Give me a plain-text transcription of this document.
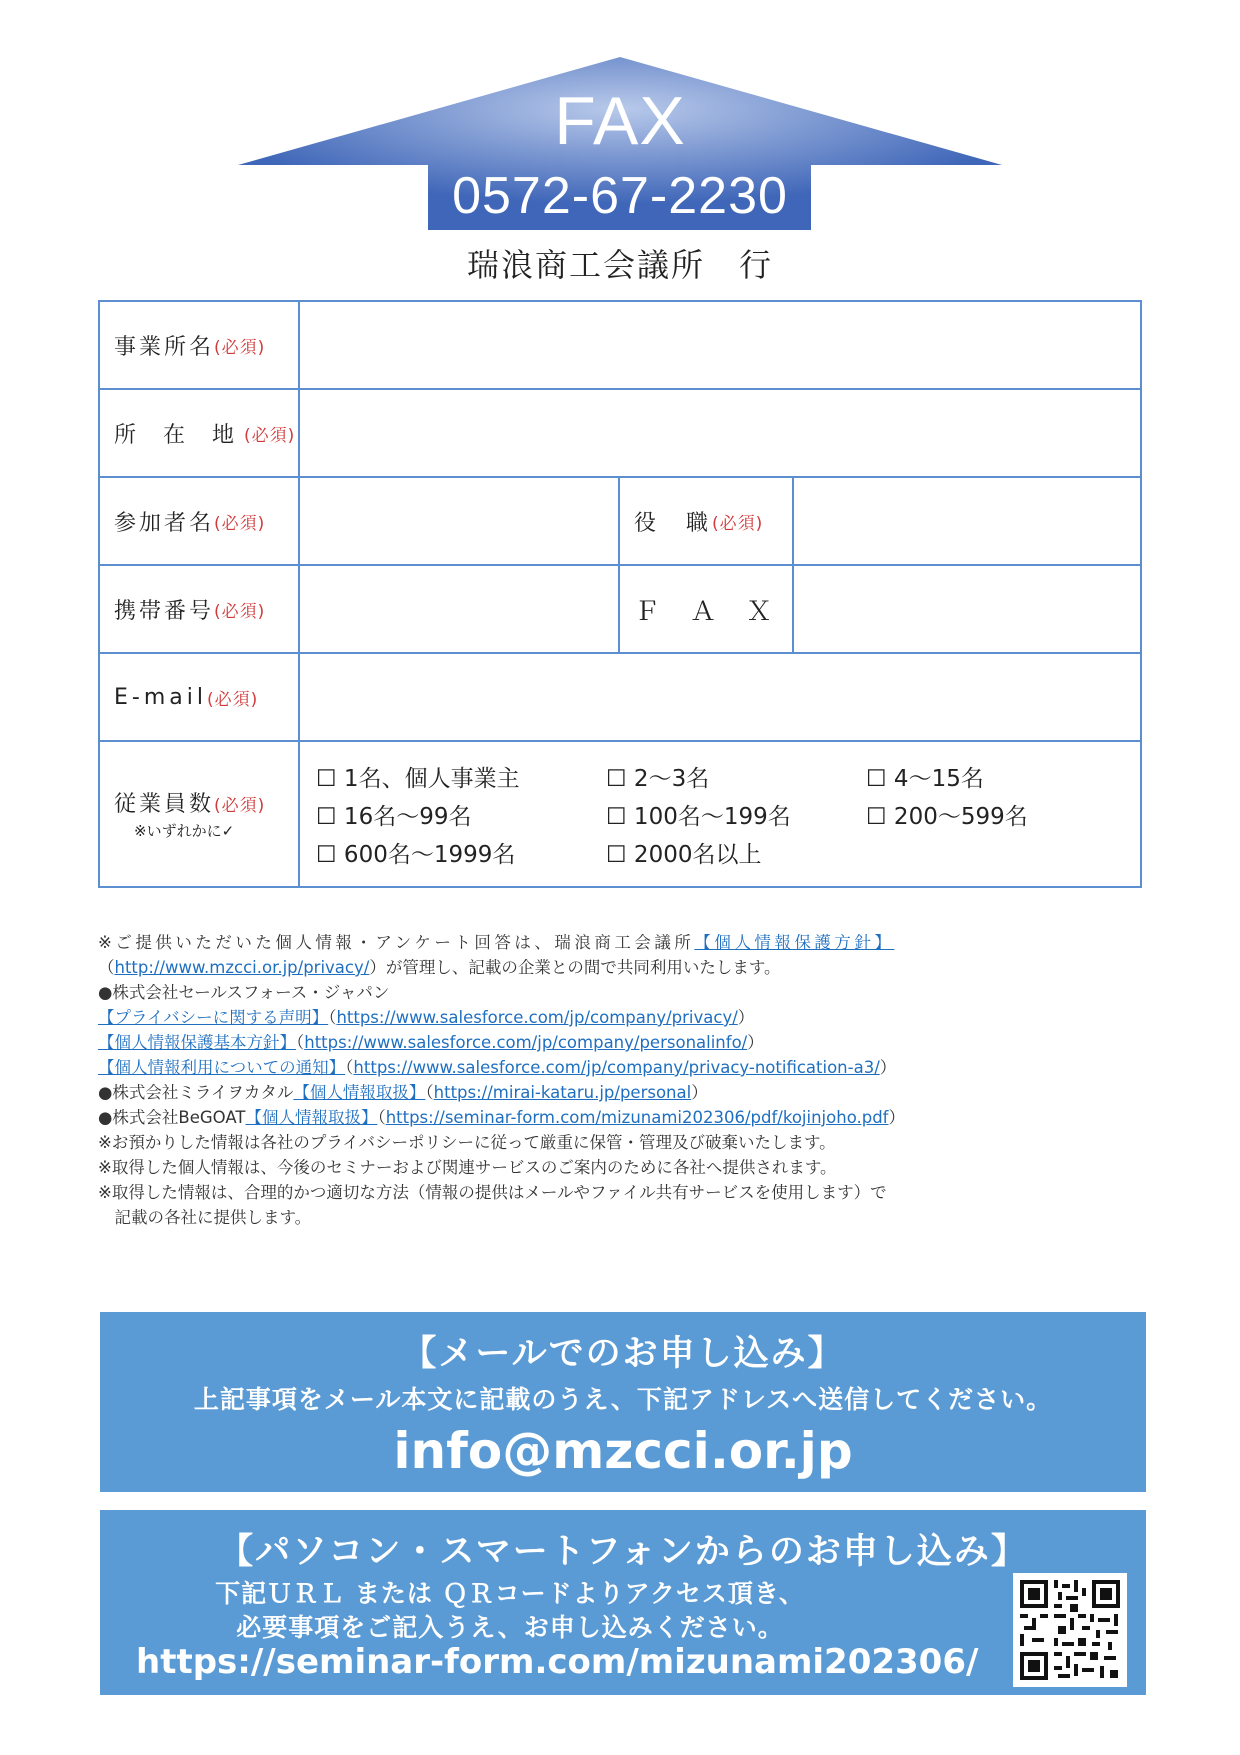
FAX
0572-67-2230
瑞浪商工会議所　行
事業所名 (必須)
所 在 地 (必須)
参加者名 (必須)	役　職 (必須)
携帯番号 (必須)	Ｆ　Ａ　Ｘ
E-mail (必須)
従業員数(必須)
※いずれかに✓
☐ 1名、個人事業主	☐ 2～3名	☐ 4～15名
☐ 16名～99名	☐ 100名～199名	☐ 200～599名
☐ 600名～1999名	☐ 2000名以上
※ご提供いただいた個人情報・アンケート回答は、瑞浪商工会議所【個人情報保護方針】
（http://www.mzcci.or.jp/privacy/）が管理し、記載の企業との間で共同利用いたします。
●株式会社セールスフォース・ジャパン
【プライバシーに関する声明】（https://www.salesforce.com/jp/company/privacy/）
【個人情報保護基本方針】（https://www.salesforce.com/jp/company/personalinfo/）
【個人情報利用についての通知】（https://www.salesforce.com/jp/company/privacy-notification-a3/）
●株式会社ミライヲカタル【個人情報取扱】（https://mirai-kataru.jp/personal）
●株式会社BeGOAT【個人情報取扱】（https://seminar-form.com/mizunami202306/pdf/kojinjoho.pdf）
※お預かりした情報は各社のプライバシーポリシーに従って厳重に保管・管理及び破棄いたします。
※取得した個人情報は、今後のセミナーおよび関連サービスのご案内のために各社へ提供されます。
※取得した情報は、合理的かつ適切な方法（情報の提供はメールやファイル共有サービスを使用します）で
　記載の各社に提供します。
【メールでのお申し込み】
上記事項をメール本文に記載のうえ、下記アドレスへ送信してください。
info@mzcci.or.jp
【パソコン・スマートフォンからのお申し込み】
下記ＵＲＬ または ＱＲコードよりアクセス頂き、
必要事項をご記入うえ、お申し込みください。
https://seminar-form.com/mizunami202306/
